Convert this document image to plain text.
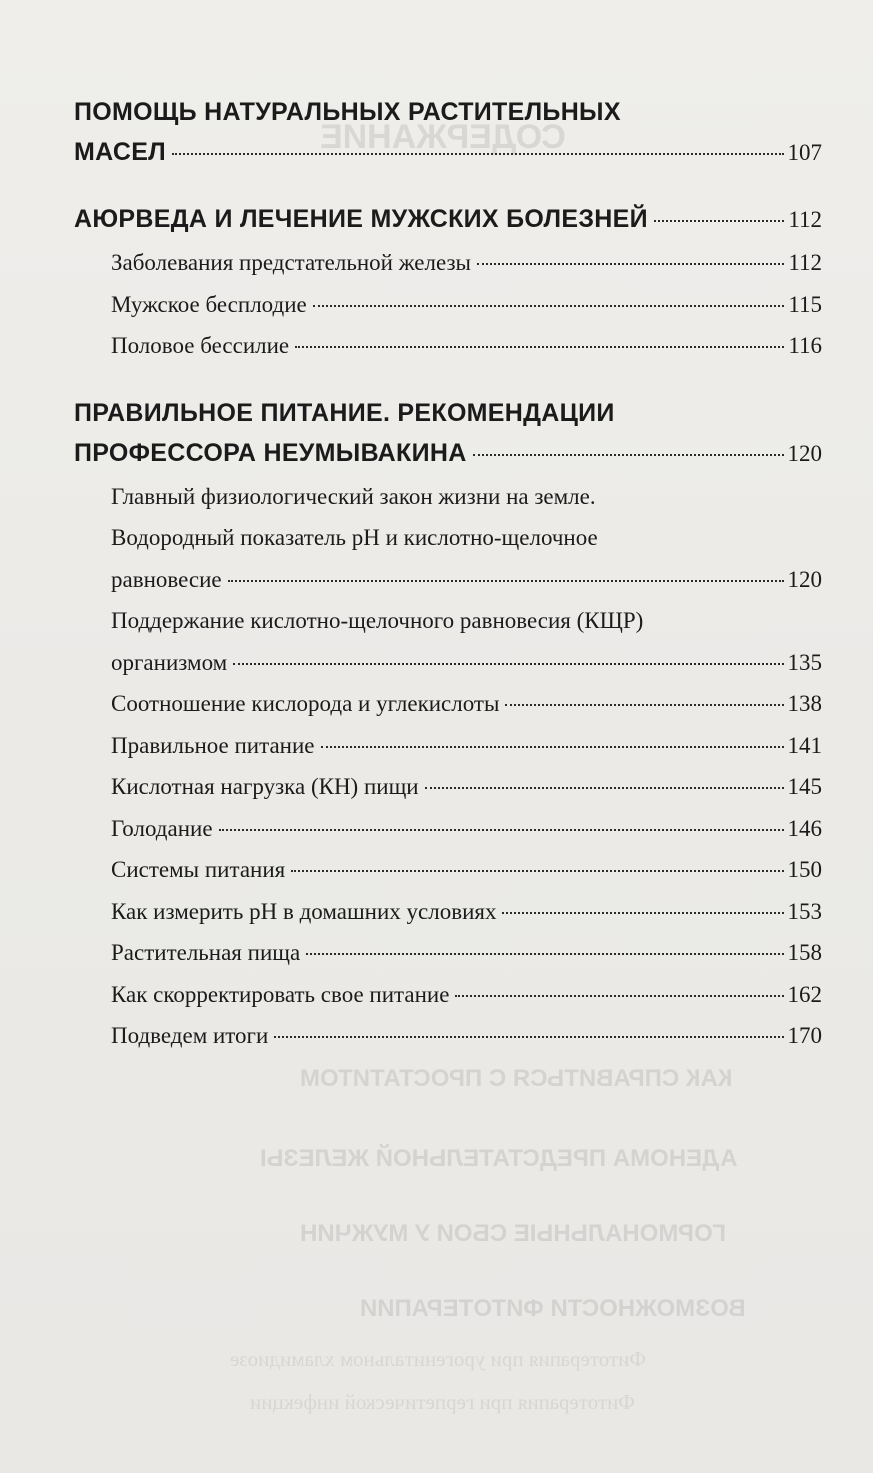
СОДЕРЖАНИЕ
КАК СПРАВИТЬСЯ С ПРОСТАТИТОМ
АДЕНОМА ПРЕДСТАТЕЛЬНОЙ ЖЕЛЕЗЫ
ГОРМОНАЛЬНЫЕ СБОИ У МУЖЧИН
ВОЗМОЖНОСТИ ФИТОТЕРАПИИ
Фитотерапия при урогенитальном хламидиозе
Фитотерапия при герпетической инфекции
ПОМОЩЬ НАТУРАЛЬНЫХ РАСТИТЕЛЬНЫХ
МАСЕЛ	107
АЮРВЕДА И ЛЕЧЕНИЕ МУЖСКИХ БОЛЕЗНЕЙ	112
Заболевания предстательной железы	112
Мужское бесплодие	115
Половое бессилие	116
ПРАВИЛЬНОЕ ПИТАНИЕ. РЕКОМЕНДАЦИИ
ПРОФЕССОРА НЕУМЫВАКИНА	120
Главный физиологический закон жизни на земле.
Водородный показатель рН и кислотно-щелочное
равновесие	120
Поддержание кислотно-щелочного равновесия (КЩР)
организмом	135
Соотношение кислорода и углекислоты	138
Правильное питание	141
Кислотная нагрузка (КН) пищи	145
Голодание	146
Системы питания	150
Как измерить рН в домашних условиях	153
Растительная пища	158
Как скорректировать свое питание	162
Подведем итоги	170
